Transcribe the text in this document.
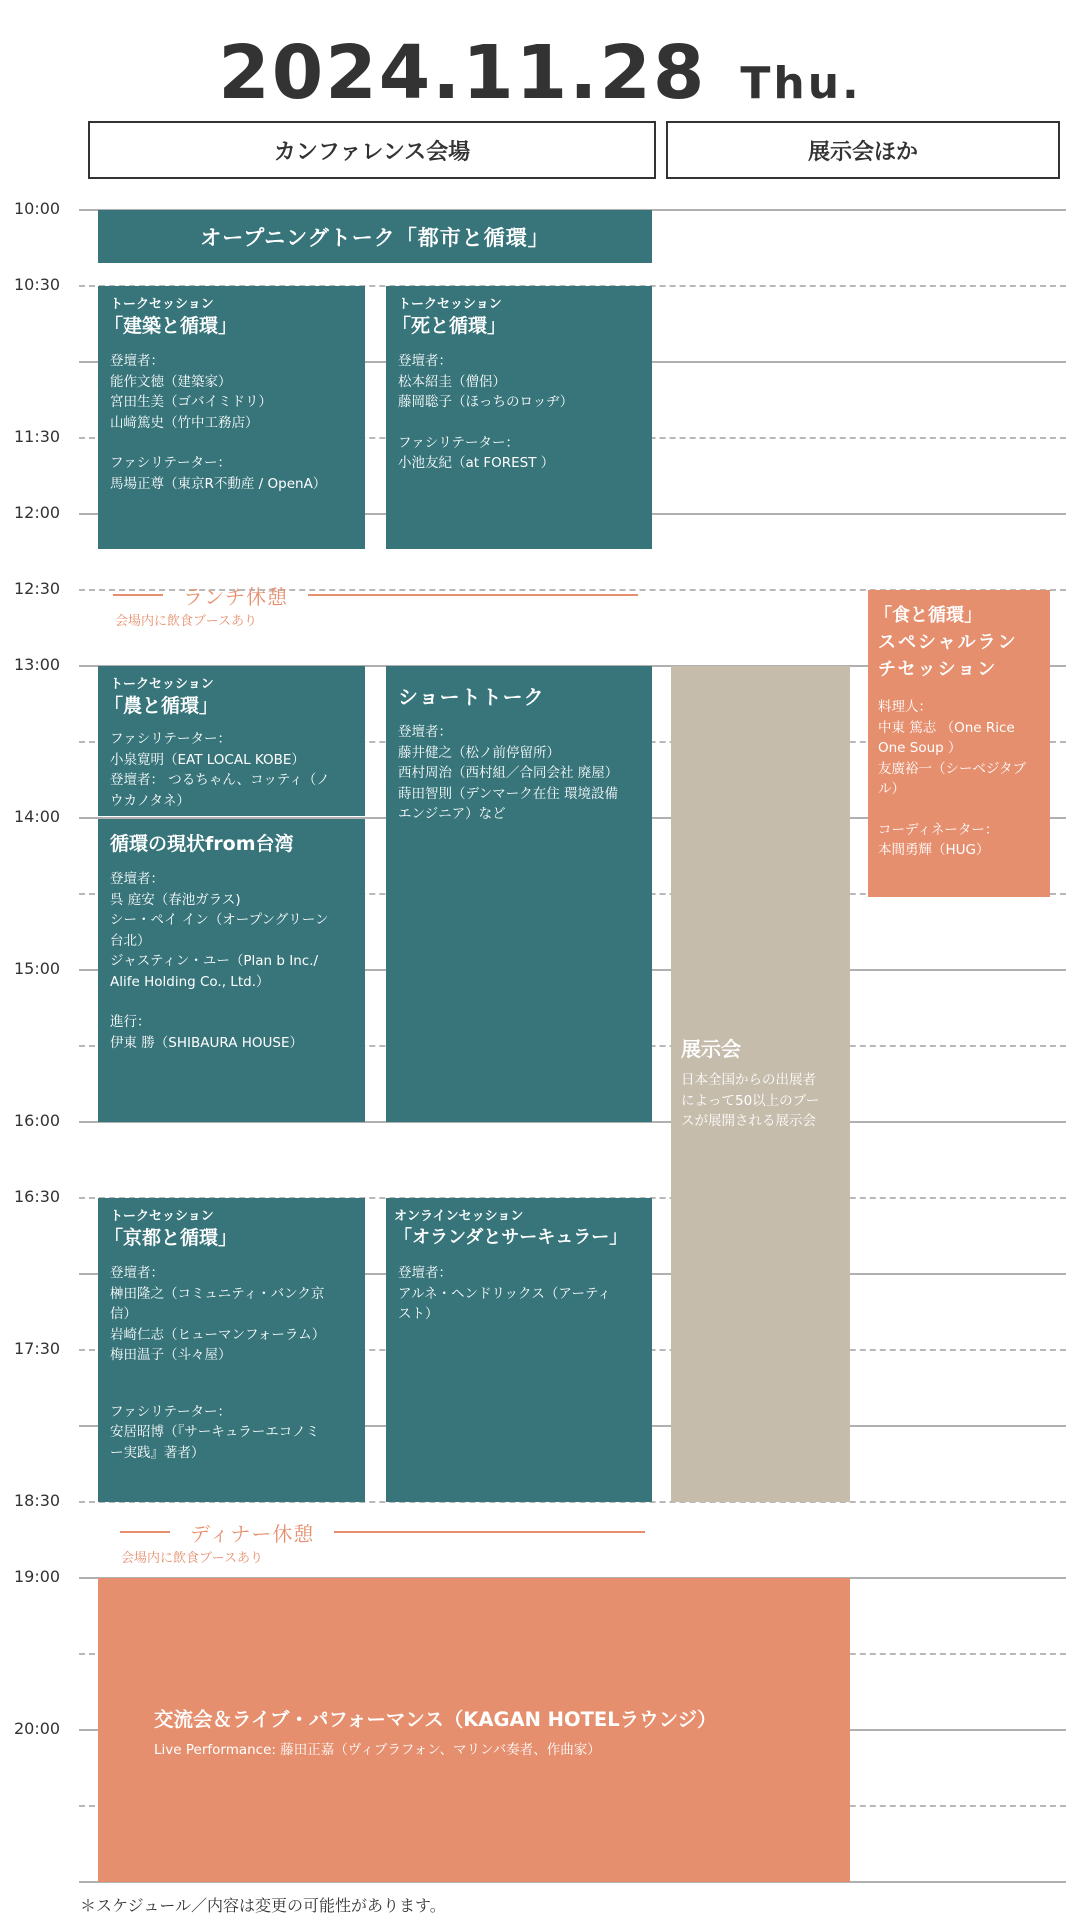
2024.11.28 Thu.
カンファレンス会場	展示会ほか
10:00
10:30
11:30
12:00
12:30
13:00
14:00
15:00
16:00
16:30
17:30
18:30
19:00
20:00
オープニングトーク「都市と循環」
トークセッション
「建築と循環」
登壇者：
能作文徳（建築家）
宮田生美（ゴバイミドリ）
山﨑篤史（竹中工務店）
ファシリテーター：
馬場正尊（東京R不動産 / OpenA）
トークセッション
「死と循環」
登壇者：
松本紹圭（僧侶）
藤岡聡子（ほっちのロッヂ）
ファシリテーター：
小池友紀（at FOREST ）
ランチ休憩
会場内に飲食ブースあり	「食と循環」
スペシャルラン
チセッション
料理人：
中東 篤志 （One Rice
One Soup ）
友廣裕一（シーベジタブ
ル）
コーディネーター：
本間勇輝（HUG）
トークセッション
「農と循環」
ファシリテーター：
小泉寛明（EAT LOCAL KOBE）
登壇者： つるちゃん、コッティ（ノ
ウカノタネ）
循環の現状from台湾
登壇者：
呉 庭安（春池ガラス)
シー・ペイ イン（オープングリーン
台北）
ジャスティン・ユー（Plan b Inc./
Alife Holding Co., Ltd.）
進行：
伊東 勝（SHIBAURA HOUSE）
ショートトーク
登壇者：
藤井健之（松ノ前停留所）
西村周治（西村組／合同会社 廃屋）
蒔田智則（デンマーク在住 環境設備
エンジニア）など
展示会
日本全国からの出展者
によって50以上のブー
スが展開される展示会
トークセッション
「京都と循環」
登壇者：
榊田隆之（コミュニティ・バンク京
信）
岩崎仁志（ヒューマンフォーラム）
梅田温子（斗々屋）
ファシリテーター：
安居昭博（『サーキュラーエコノミ
ー実践』著者）
オンラインセッション
「オランダとサーキュラー」
登壇者：
アルネ・ヘンドリックス（アーティ
スト）
ディナー休憩
会場内に飲食ブースあり
交流会＆ライブ・パフォーマンス（KAGAN HOTELラウンジ）
Live Performance: 藤田正嘉（ヴィブラフォン、マリンバ奏者、作曲家）
＊スケジュール／内容は変更の可能性があります。
